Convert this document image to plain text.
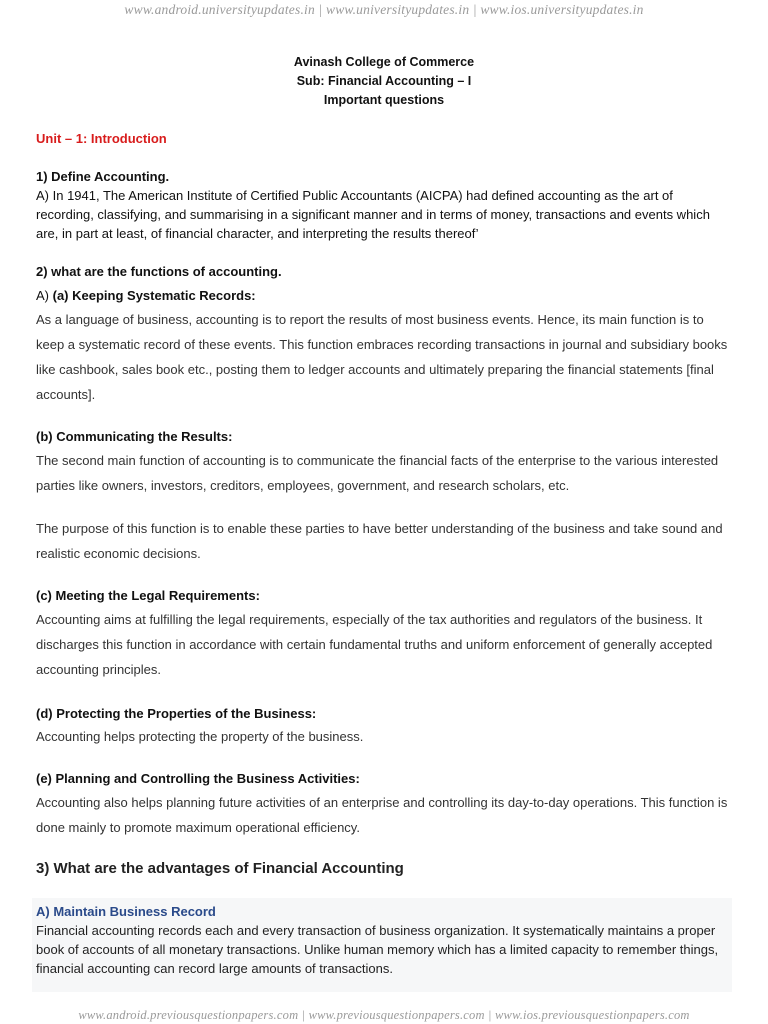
www.android.universityupdates.in | www.universityupdates.in | www.ios.universityupdates.in
Avinash College of Commerce
Sub: Financial Accounting – I
Important questions
Unit – 1: Introduction
1) Define Accounting.
A) In 1941, The American Institute of Certified Public Accountants (AICPA) had defined accounting as the art of recording, classifying, and summarising in a significant manner and in terms of money, transactions and events which are, in part at least, of financial character, and interpreting the results thereof’
2) what are the functions of accounting.
A) (a) Keeping Systematic Records:
As a language of business, accounting is to report the results of most business events. Hence, its main function is to keep a systematic record of these events. This function embraces recording transactions in journal and subsidiary books like cashbook, sales book etc., posting them to ledger accounts and ultimately preparing the financial statements [final accounts].
(b) Communicating the Results:
The second main function of accounting is to communicate the financial facts of the enterprise to the various interested parties like owners, investors, creditors, employees, government, and research scholars, etc.
The purpose of this function is to enable these parties to have better understanding of the business and take sound and realistic economic decisions.
(c) Meeting the Legal Requirements:
Accounting aims at fulfilling the legal requirements, especially of the tax authorities and regulators of the business. It discharges this function in accordance with certain fundamental truths and uniform enforcement of generally accepted accounting principles.
(d) Protecting the Properties of the Business:
Accounting helps protecting the property of the business.
(e) Planning and Controlling the Business Activities:
Accounting also helps planning future activities of an enterprise and controlling its day-to-day operations. This function is done mainly to promote maximum operational efficiency.
3) What are the advantages of Financial Accounting
A) Maintain Business Record
Financial accounting records each and every transaction of business organization. It systematically maintains a proper book of accounts of all monetary transactions. Unlike human memory which has a limited capacity to remember things, financial accounting can record large amounts of transactions.
www.android.previousquestionpapers.com | www.previousquestionpapers.com | www.ios.previousquestionpapers.com
